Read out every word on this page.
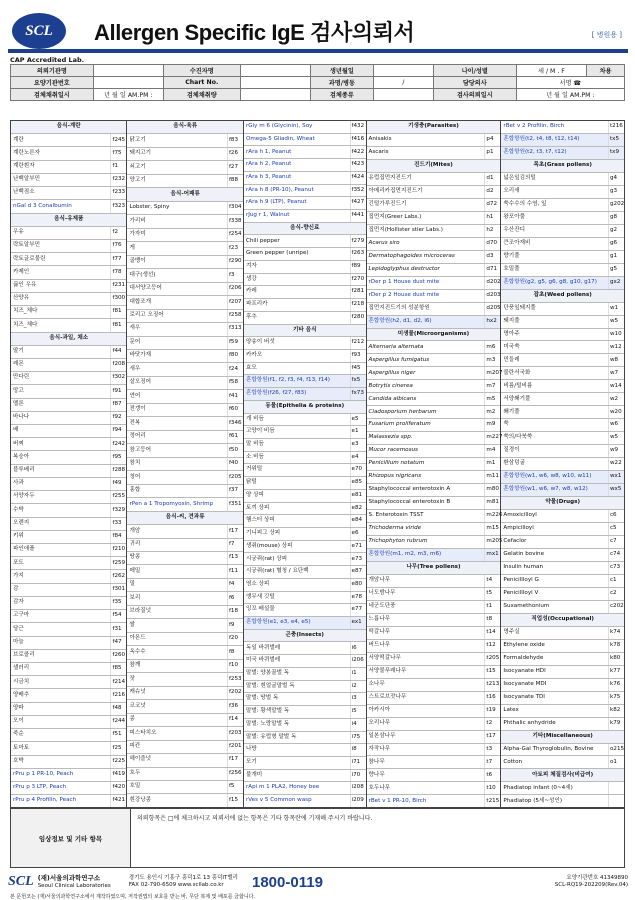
SCL	Allergen Specific IgE 검사의뢰서	[ 병원용 ]
CAP Accredited Lab.
의뢰기관명		수진자명		생년월일		나이/성별	세 / M . F	차용
요양기관번호		Chart No.		과명/병동	/	담당의사	서명 ☎	
검체채취일시	년 월 일 AM.PM :	검체채취량		검체종류		검사의뢰일시	년 월 일 AM.PM :	
음식-계란
계란	f245
계란노른자	f75
계란흰자	f1
난백알부민	f232
난백점소	f233
nGal d 3 Conalbumin	f323
음식-유제품
우유	f2
락토알부민	f76
락토글로불린	f77
카제인	f78
끓인 우유	f231
산양유	f300
치즈_체다	f81
치즈_체다	f81
음식-과일, 채소
딸기	f44
레몬	f208
만다린	f302
망고	f91
멜론	f87
바나나	f92
배	f94
버찌	f242
복숭아	f95
블루베리	f288
사과	f49
서양자두	f255
수박	f329
오렌지	f33
키위	f84
파인애플	f210
포도	f259
가지	f262
감	f301
감자	f35
고구마	f54
당근	f31
마늘	f47
브로콜리	f260
샐러리	f85
시금치	f214
양배추	f216
양파	f48
오이	f244
죽순	f51
토마토	f25
호박	f225
rPru p 1 PR-10, Peach	f419
rPru p 3 LTP, Peach	f420
rPru p 4 Profilin, Peach	f421
음식-육류
닭고기	f83
돼지고기	f26
쇠고기	f27
양고기	f88
음식-어패류
Lobster, Spiny	f304
가리비	f338
가자미	f254
게	f23
골뱅이	f290
대구(생선)	f3
대서양고등어	f206
대합조개	f207
로리고 오징어	f258
새우	f313
문어	f59
바닷가재	f80
새우	f24
살오징어	f58
연어	f41
전갱이	f60
전복	f346
정어리	f61
참고등어	f50
참치	f40
청어	f205
홍합	f37
rPen a 1 Tropomyosin, Shrimp	f351
음식-씨, 견과류
개암	f17
귀리	f7
땅콩	f13
메밀	f11
밀	f4
보리	f6
브라질넛	f18
쌀	f9
아몬드	f20
옥수수	f8
참깨	f10
잣	f253
캐슈넛	f202
코코넛	f36
콩	f14
피스타치오	f203
피칸	f201
헤이즐넛	f17
호두	f256
호밀	f5
흰강낭콩	f15
rGly m 6 (Glycinin), Soy	f432
Omega-5 Gliadin, Wheat	f416
rAra h 1, Peanut	f422
rAra h 2, Peanut	f423
rAra h 3, Peanut	f424
rAra h 8 (PR-10), Peanut	f352
rAra h 9 (LTP), Peanut	f427
rJug r 1, Walnut	f441
음식-향신료
Chili pepper	f279
Green pepper (unripe)	f263
겨자	f89
생강	f270
카레	f281
파프리카	f218
후추	f280
기타 음식
양송이 버섯	f212
카카오	f93
효모	f45
혼합항원(f1, f2, f3, f4, f13, f14)	fx5
혼합항원(f26, f27, f83)	fx73
동물(Epithelia & proteins)
개 비듬	e5
고양이 비듬	e1
말 비듬	e3
소 비듬	e4
거위털	e70
닭털	e85
양 상피	e81
토끼 상피	e82
햄스터 상피	e84
기니피그 상피	e6
생쥐(mouse) 상피	e71
시궁쥐(rat) 상피	e73
시궁쥐(rat) 혈청 / 요단백	e87
염소 상피	e80
앵무새 깃털	e78
잉꼬 배설물	e77
혼합항원(e1, e3, e4, e5)	ex1
곤충(Insects)
독일 바퀴벌레	i6
미국 바퀴벌레	i206
말벌: 양봉꿀벌 독	i1
말벌: 흰얼굴말벌 독	i2
말벌: 땅벌 독	i3
말벌: 황색말벌 독	i5
말벌: 노랑말벌 독	i4
말벌: 유럽형 말벌 독	i75
나방	i8
모기	i71
불개미	i70
rApi m 1 PLA2, Honey bee	i208
rVes v 5 Common wasp	i209
기생충(Parasites)
Anisakis	p4
Ascaris	p1
진드기(Mites)
유럽집먼지진드기	d1
아메리카집먼지진드기	d2
긴털가루진드기	d72
집먼지(Greer Labs.)	h1
집먼지(Hollister stier Labs.)	h2
Acarus siro	d70
Dermatophagoides microceras	d3
Lepidoglyphus destructor	d71
rDer p 1 House dust mite	d202
rDer p 2 House dust mite	d203
집먼지진드기의 성분항원	d205
혼합항원(h2, d1, d2, i6)	hx2
미생물(Microorganisms)
Alternaria alternata	m6
Aspergillus fumigatus	m3
Aspergillus niger	m207
Botrytis cinerea	m7
Candida albicans	m5
Cladosporium herbarum	m2
Fusarium proliferatum	m9
Malassezia spp.	m227
Mucor racemosus	m4
Penicillium notatum	m1
Rhizopus nigricans	m11
Staphylococcal enterotoxin A	m80
Staphylococcal enterotoxin B	m81
S. Enterotoxin TSST	m226
Trichoderma viride	m15
Trichophyton rubrum	m205
혼합항원(m1, m2, m3, m6)	mx1
나무(Tree pollens)
개암나무	t4
너도밤나무	t5
네군도단풍	t1
느릅나무	t8
떡갈나무	t14
버드나무	t12
서양떡갈나무	t205
서양물푸레나무	t15
소나무	t213
스트로브잣나무	t16
아카시아	t19
오리나무	t2
일본삼나무	t17
자작나무	t3
참나무	t7
향나무	t6
호두나무	t10
rBet v 1 PR-10, Birch	t215
rBet v 2 Profilin, Birch	t216
혼합항원(t2, t4, t8, t12, t14)	tx5
혼합항원(t2, t3, t7, t12)	tx9
목초(Grass pollens)
넓은잎김의털	g4
오리새	g3
쑥수수의 수염, 잎	g202
왕포아풀	g8
우산잔디	g2
큰조아재비	g6
향기풀	g1
호밀풀	g5
혼합항원(g2, g5, g6, g8, g10, g17)	gx2
잡초(Weed pollens)
단풍잎돼지풀	w1
돼지풀	w5
명아주	w10
미국쑥	w12
민들레	w8
불란서국화	w7
비름/털비름	w14
서양쐐기풀	w2
쐐기풀	w20
쑥	w6
쑥의/다북쑥	w5
질경이	w9
환삼덩굴	w22
혼합항원(w1, w6, w8, w10, w11)	wx1
혼합항원(w1, w6, w7, w8, w12)	wx5
약물(Drugs)
Amoxicilloyl	c6
Ampicilloyl	c5
Cefaclor	c7
Gelatin bovine	c74
Insulin human	c73
Penicillloyl G	c1
Penicillloyl V	c2
Suxamethonium	c202
직업성(Occupational)
명주실	k74
Ethylene oxide	k78
Formaldehyde	k80
Isocyanate HDI	k77
Isocyanate MDI	k76
Isocyanate TDI	k75
Latex	k82
Phthalic anhydride	k79
기타(Miscellaneous)
Alpha-Gal Thyroglobulin, Bovine	o215
Cotton	o1
아토피 체질검사(비급여)
Phadiatop infant (0~4세)
Phadiatop (5세~성인)
임상정보 및 기타 항목
의뢰항목은 □에 체크하시고 의뢰서에 없는 항목은 기타 항목란에 기재해 주시기 바랍니다.
SCL (재)서울의과학연구소
Seoul Clinical Laboratories
경기도 용인시 기흥구 흥덕1로 13 흥덕IT밸리
FAX 02-790-6509 www.scllab.co.kr	1800-0119	요양기관번호 41349890
SCL-RQ19-202209(Rev.04)
본 문헌코는 (재)서울의과학연구소에서 제작하였으며, 저작권법의 보호를 받는 바, 무단 복제 및 배포를 금합니다.
